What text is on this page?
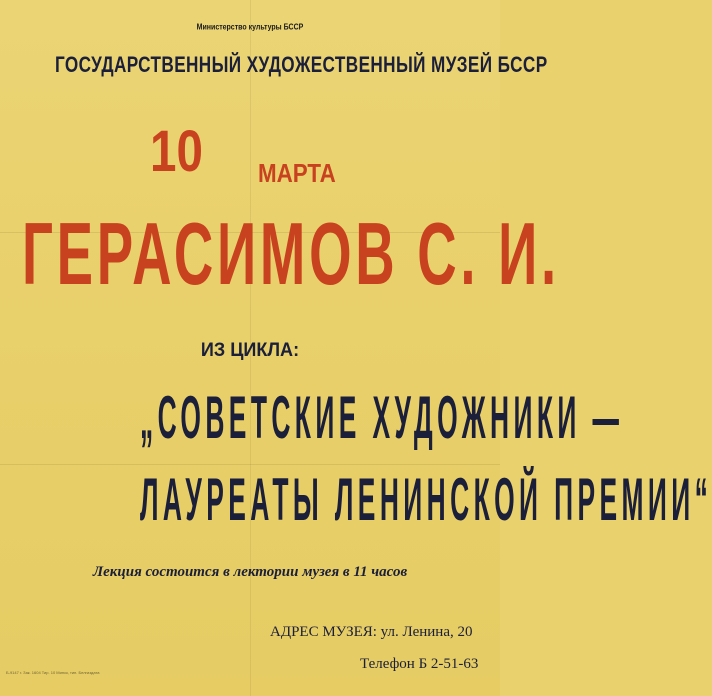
Министерство культуры БССР
ГОСУДАРСТВЕННЫЙ ХУДОЖЕСТВЕННЫЙ МУЗЕЙ БССР
10 МАРТА
ГЕРАСИМОВ С. И.
ИЗ ЦИКЛА:
„СОВЕТСКИЕ ХУДОЖНИКИ —
ЛАУРЕАТЫ ЛЕНИНСКОЙ ПРЕМИИ“
Лекция состоится в лектории музея в 11 часов
АДРЕС МУЗЕЯ: ул. Ленина, 20
Телефон Б 2-51-63
Б-9147 г. Зак. 1604 Тир. 10 Минск, тип. Белгиздата
